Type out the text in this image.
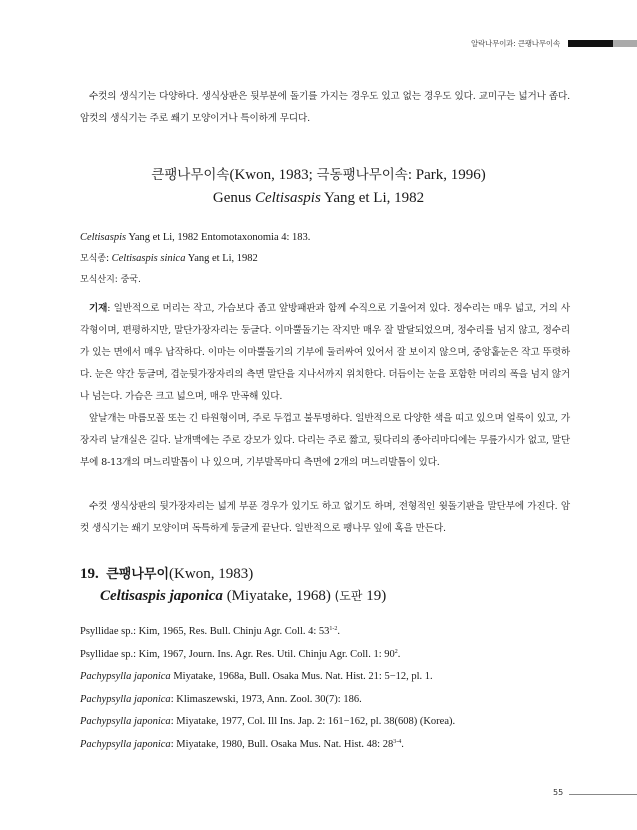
알락나무이과: 큰팽나무이속
수컷의 생식기는 다양하다. 생식상판은 뒷부분에 돌기를 가지는 경우도 있고 없는 경우도 있다. 교미구는 넓거나 좁다. 암컷의 생식기는 주로 쐐기 모양이거나 특이하게 무디다.
큰팽나무이속(Kwon, 1983; 극동팽나무이속: Park, 1996)
Genus Celtisaspis Yang et Li, 1982
Celtisaspis Yang et Li, 1982 Entomotaxonomia 4: 183.
모식종: Celtisaspis sinica Yang et Li, 1982
모식산지: 중국.
기재: 일반적으로 머리는 작고, 가슴보다 좁고 앞방패판과 함께 수직으로 기울어져 있다. 정수리는 매우 넓고, 거의 사각형이며, 편평하지만, 말단가장자리는 둥글다. 이마뿔돌기는 작지만 매우 잘 발달되었으며, 정수리를 넘지 않고, 정수리가 있는 면에서 매우 납작하다. 이마는 이마뿔돌기의 기부에 둘러싸여 있어서 잘 보이지 않으며, 중앙홑눈은 작고 뚜렷하다. 눈은 약간 둥글며, 겹눈뒷가장자리의 측면 말단을 지나서까지 위치한다. 더듬이는 눈을 포함한 머리의 폭을 넘지 않거나 넘는다. 가슴은 크고 넓으며, 매우 만곡해 있다.
앞날개는 마름모꼴 또는 긴 타원형이며, 주로 두껍고 불투명하다. 일반적으로 다양한 색을 띠고 있으며 얼룩이 있고, 가장자리 날개실은 길다. 날개맥에는 주로 강모가 있다. 다리는 주로 짧고, 뒷다리의 종아리마디에는 무릎가시가 없고, 말단부에 8-13개의 며느리발톱이 나 있으며, 기부발목마디 측면에 2개의 며느리발톱이 있다.
수컷 생식상판의 뒷가장자리는 넓게 부푼 경우가 있기도 하고 없기도 하며, 전형적인 윗돌기판을 말단부에 가진다. 암컷 생식기는 쐐기 모양이며 독특하게 둥글게 끝난다. 일반적으로 팽나무 잎에 혹을 만든다.
19. 큰팽나무이(Kwon, 1983)
Celtisaspis japonica (Miyatake, 1968) (도판 19)
Psyllidae sp.: Kim, 1965, Res. Bull. Chinju Agr. Coll. 4: 53$^{1-2}$.
Psyllidae sp.: Kim, 1967, Journ. Ins. Agr. Res. Util. Chinju Agr. Coll. 1: $90^2$.
Pachypsylla japonica Miyatake, 1968a, Bull. Osaka Mus. Nat. Hist. 21: 5−12, pl. 1.
Pachypsylla japonica: Klimaszewski, 1973, Ann. Zool. 30(7): 186.
Pachypsylla japonica: Miyatake, 1977, Col. Ill Ins. Jap. 2: 161−162, pl. 38(608) (Korea).
Pachypsylla japonica: Miyatake, 1980, Bull. Osaka Mus. Nat. Hist. 48: 28$^{3-4}$.
55
